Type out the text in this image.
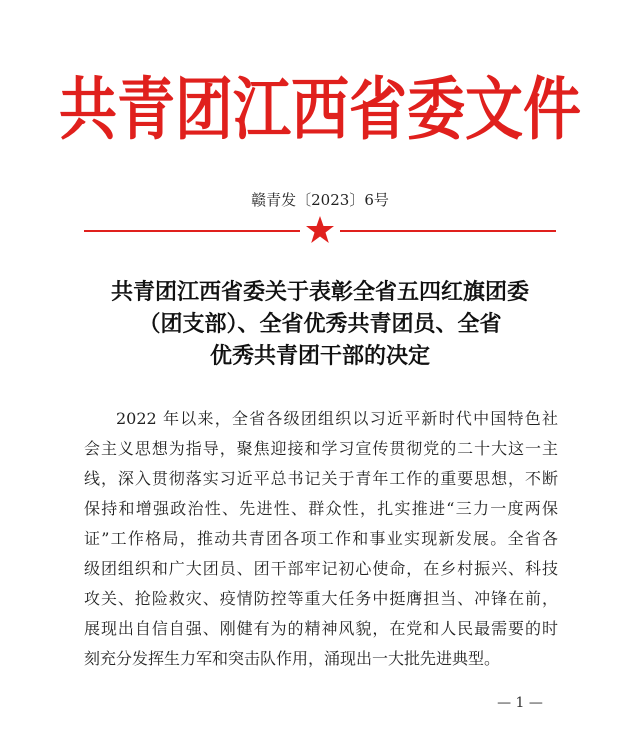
共青团江西省委文件
赣青发〔2023〕6号
共青团江西省委关于表彰全省五四红旗团委
（团支部）、全省优秀共青团员、全省
优秀共青团干部的决定
2022 年以来，全省各级团组织以习近平新时代中国特色社
会主义思想为指导，聚焦迎接和学习宣传贯彻党的二十大这一主
线，深入贯彻落实习近平总书记关于青年工作的重要思想，不断
保持和增强政治性、先进性、群众性，扎实推进“三力一度两保
证”工作格局，推动共青团各项工作和事业实现新发展。全省各
级团组织和广大团员、团干部牢记初心使命，在乡村振兴、科技
攻关、抢险救灾、疫情防控等重大任务中挺膺担当、冲锋在前，
展现出自信自强、刚健有为的精神风貌，在党和人民最需要的时
刻充分发挥生力军和突击队作用，涌现出一大批先进典型。
— 1 —
